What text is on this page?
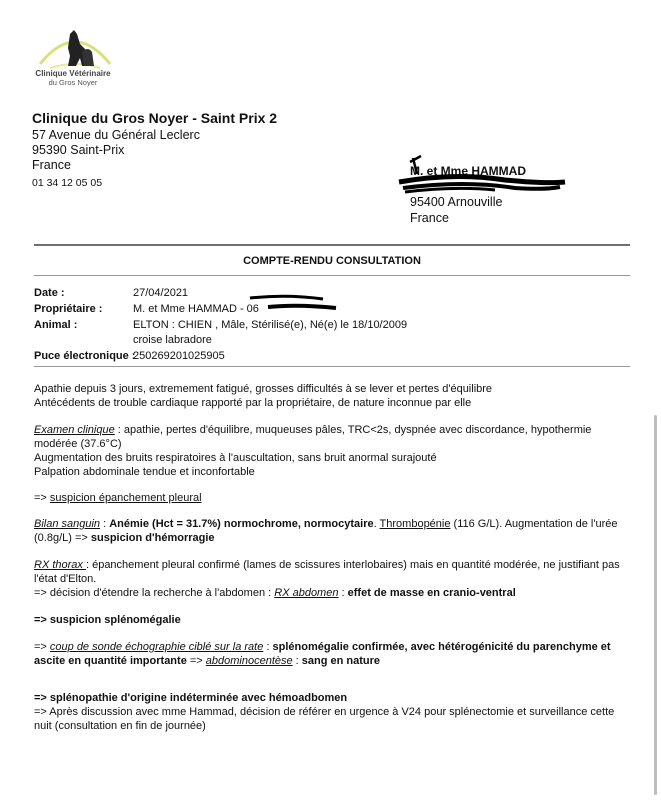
Clinique Vétérinaire
du Gros Noyer
Clinique du Gros Noyer - Saint Prix 2
57 Avenue du Général Leclerc
95390 Saint-Prix
France
01 34 12 05 05
M. et Mme HAMMAD
95400 Arnouville
France
COMPTE-RENDU CONSULTATION
Date :	27/04/2021
Propriétaire :	M. et Mme HAMMAD - 06
Animal :	ELTON : CHIEN , Mâle, Stérilisé(e), Né(e) le 18/10/2009
croise labradore
Puce électronique :
250269201025905
Apathie depuis 3 jours, extremement fatigué, grosses difficultés à se lever et pertes d'équilibre
Antécédents de trouble cardiaque rapporté par la propriétaire, de nature inconnue par elle
Examen clinique : apathie, pertes d'équilibre, muqueuses pâles, TRC<2s, dyspnée avec discordance, hypothermie
modérée (37.6°C)
Augmentation des bruits respiratoires à l'auscultation, sans bruit anormal surajouté
Palpation abdominale tendue et inconfortable
=> suspicion épanchement pleural
Bilan sanguin : Anémie (Hct = 31.7%) normochrome, normocytaire. Thrombopénie (116 G/L). Augmentation de l'urée
(0.8g/L) => suspicion d'hémorragie
RX thorax : épanchement pleural confirmé (lames de scissures interlobaires) mais en quantité modérée, ne justifiant pas
l'état d'Elton.
=> décision d'étendre la recherche à l'abdomen : RX abdomen : effet de masse en cranio-ventral
=> suspicion splénomégalie
=> coup de sonde échographie ciblé sur la rate : splénomégalie confirmée, avec hétérogénicité du parenchyme et
ascite en quantité importante => abdominocentèse : sang en nature
=> splénopathie d'origine indéterminée avec hémoadbomen
=> Après discussion avec mme Hammad, décision de référer en urgence à V24 pour splénectomie et surveillance cette
nuit (consultation en fin de journée)
